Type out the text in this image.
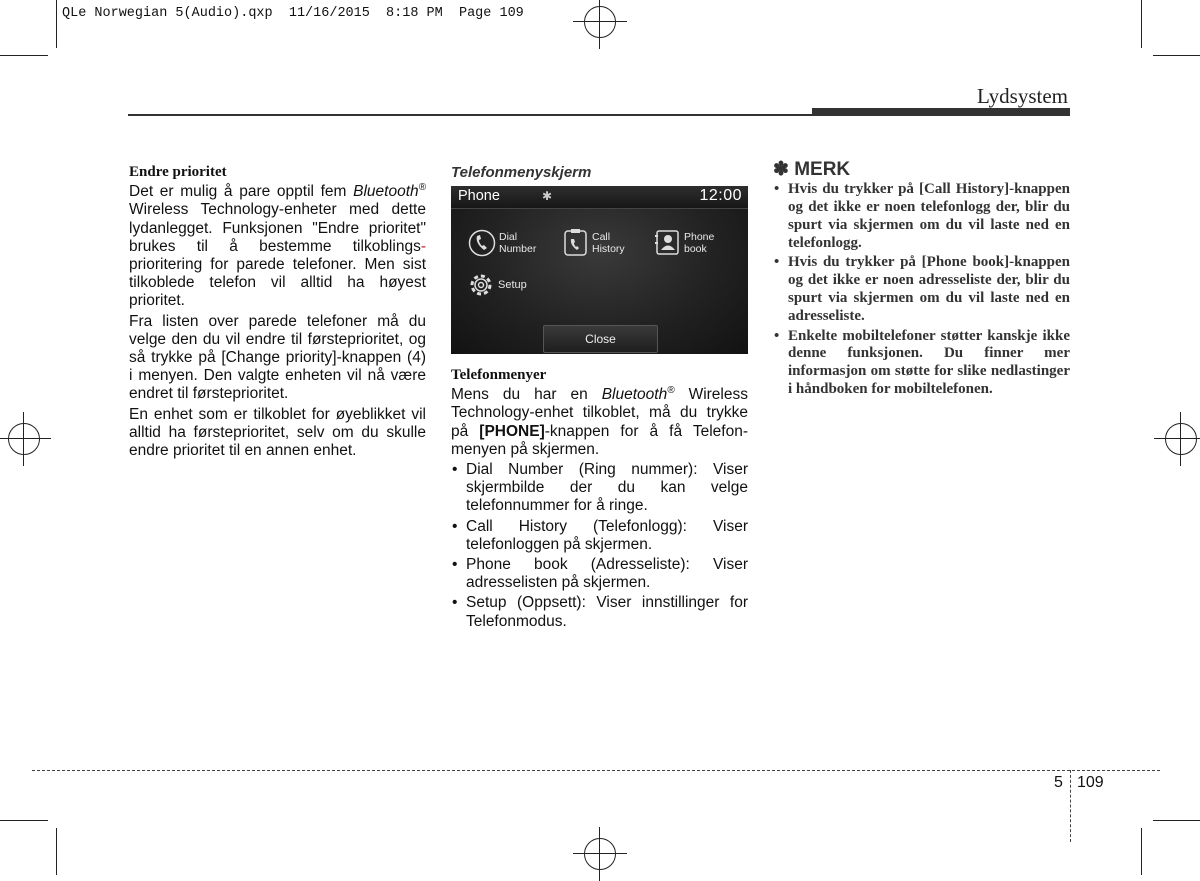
QLe Norwegian 5(Audio).qxp  11/16/2015  8:18 PM  Page 109
Lydsystem
Endre prioritet

Det er mulig å pare opptil fem Bluetooth® Wireless Technology-enheter med dette lydanlegget. Funksjonen "Endre prioritet" brukes til å bestemme tilkoblings- prioritering for parede telefoner. Men sist tilkoblede telefon vil alltid ha høyest prioritet.

Fra listen over parede telefoner må du velge den du vil endre til førsteprioritet, og så trykke på [Change priority]-knappen (4) i menyen. Den valgte enheten vil nå være endret til førsteprioritet.

En enhet som er tilkoblet for øyeblikket vil alltid ha førsteprioritet, selv om du skulle endre prioritet til en annen enhet.

Telefonmenyskjerm
Phone	✱	12:00
Dial
Number
Call
History
Phone
book
Setup
Close
Telefonmenyer

Mens du har en Bluetooth® Wireless Technology-enhet tilkoblet, må du trykke på [PHONE]-knappen for å få Telefon-menyen på skjermen.

• Dial Number (Ring nummer): Viser skjermbilde der du kan velge telefonnummer for å ringe.
• Call History (Telefonlogg): Viser telefonloggen på skjermen.
• Phone book (Adresseliste): Viser adresselisten på skjermen.
• Setup (Oppsett): Viser innstillinger for Telefonmodus.
✽ MERK
• Hvis du trykker på [Call History]-knappen og det ikke er noen telefonlogg der, blir du spurt via skjermen om du vil laste ned en telefonlogg.
• Hvis du trykker på [Phone book]-knappen og det ikke er noen adresseliste der, blir du spurt via skjermen om du vil laste ned en adresseliste.
• Enkelte mobiltelefoner støtter kanskje ikke denne funksjonen. Du finner mer informasjon om støtte for slike nedlastinger i håndboken for mobiltelefonen.
5 109
